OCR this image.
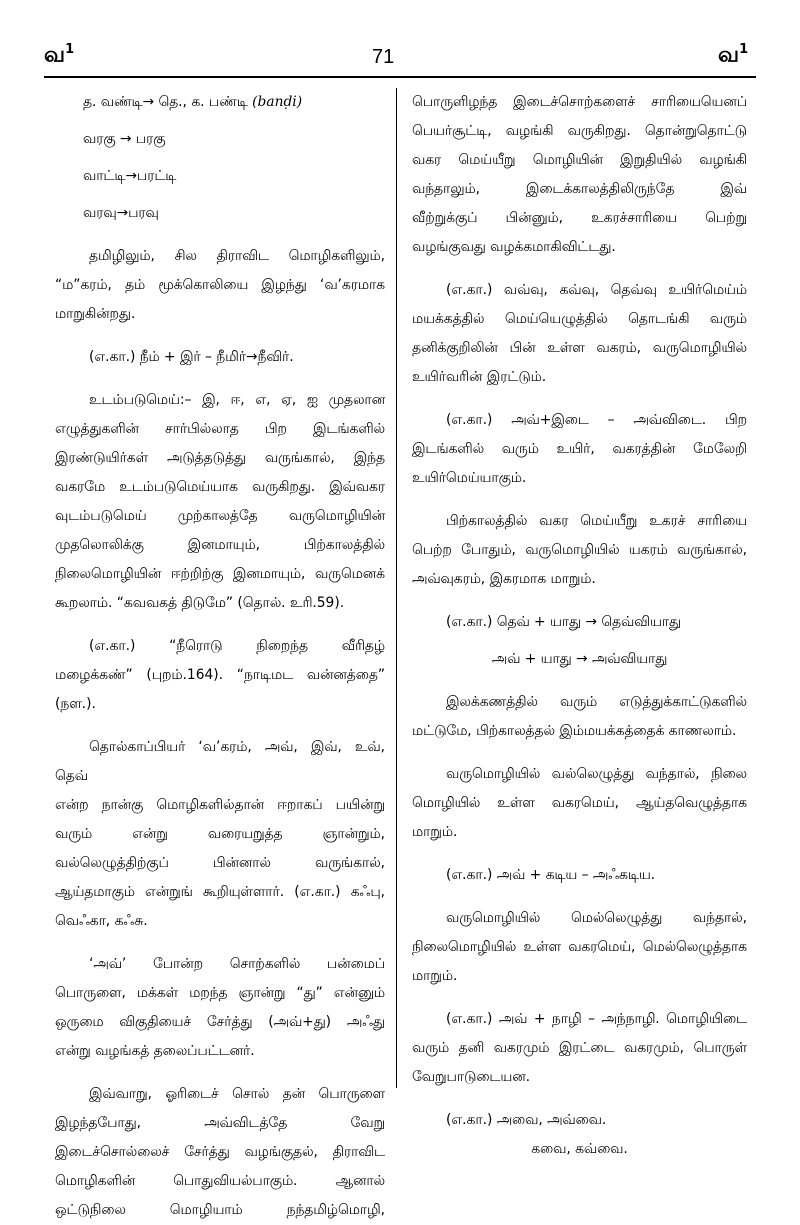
வ$^1$	71	வ$^1$

த. வண்டி→ தெ., க. பண்டி (banḍi)

வரகு → பரகு

வாட்டி→பரட்டி

வரவு→பரவு

தமிழிலும், சில திராவிட மொழிகளிலும்,

“ம”கரம், தம் மூக்கொலியை இழந்து ‘வ’கரமாக

மாறுகின்றது.

(எ.கா.) நீம் + இர் – நீமிர்→நீவிர்.

உடம்படுமெய்:– இ, ஈ, எ, ஏ, ஐ முதலான

எழுத்துகளின் சார்பில்லாத பிற இடங்களில்

இரண்டுயிர்கள் அடுத்தடுத்து வருங்கால், இந்த

வகரமே உடம்படுமெய்யாக வருகிறது. இவ்வகர

வுடம்படுமெய் முற்காலத்தே வருமொழியின்

முதலொலிக்கு இனமாயும், பிற்காலத்தில்

நிலைமொழியின் ஈற்றிற்கு இனமாயும், வருமெனக்

கூறலாம். “கவவகத் திடுமே” (தொல். உரி.59).

(எ.கா.) “நீரொடு நிறைந்த வீரிதழ்

மழைக்கண்” (புறம்.164). “நாடிமட வன்னத்தை”

(நள.).

தொல்காப்பியர் ‘வ’கரம், அவ், இவ், உவ், தெவ்

என்ற நான்கு மொழிகளில்தான் ஈறாகப் பயின்று

வரும் என்று வரையறுத்த ஞான்றும்,

வல்லெழுத்திற்குப் பின்னால் வருங்கால்,

ஆய்தமாகும் என்றுங் கூறியுள்ளார். (எ.கா.) கஃபு,

வெஃகா, கஃசு.

‘அவ்’ போன்ற சொற்களில் பன்மைப்

பொருளை, மக்கள் மறந்த ஞான்று “து” என்னும்

ஒருமை விகுதியைச் சேர்த்து (அவ்+து) அஃது

என்று வழங்கத் தலைப்பட்டனர்.

இவ்வாறு, ஓரிடைச் சொல் தன் பொருளை

இழந்தபோது, அவ்விடத்தே வேறு

இடைச்சொல்லைச் சேர்த்து வழங்குதல், திராவிட

மொழிகளின் பொதுவியல்பாகும். ஆனால்

ஒட்டுநிலை மொழியாம் நந்தமிழ்மொழி,

பொருளிழந்த இடைச்சொற்களைச் சாரியையெனப்

பெயர்சூட்டி, வழங்கி வருகிறது. தொன்றுதொட்டு

வகர மெய்யீறு மொழியின் இறுதியில் வழங்கி

வந்தாலும், இடைக்காலத்திலிருந்தே இவ்

வீற்றுக்குப் பின்னும், உகரச்சாரியை பெற்று

வழங்குவது வழக்கமாகிவிட்டது.

(எ.கா.) வவ்வு, கவ்வு, தெவ்வு உயிர்மெய்ம்

மயக்கத்தில் மெய்யெழுத்தில் தொடங்கி வரும்

தனிக்குறிலின் பின் உள்ள வகரம், வருமொழியில்

உயிர்வரின் இரட்டும்.

(எ.கா.) அவ்+இடை – அவ்விடை. பிற

இடங்களில் வரும் உயிர், வகரத்தின் மேலேறி

உயிர்மெய்யாகும்.

பிற்காலத்தில் வகர மெய்யீறு உகரச் சாரியை

பெற்ற போதும், வருமொழியில் யகரம் வருங்கால்,

அவ்வுகரம், இகரமாக மாறும்.

(எ.கா.) தெவ் + யாது → தெவ்வியாது

அவ் + யாது → அவ்வியாது

இலக்கணத்தில் வரும் எடுத்துக்காட்டுகளில்

மட்டுமே, பிற்காலத்தல் இம்மயக்கத்தைக் காணலாம்.

வருமொழியில் வல்லெழுத்து வந்தால், நிலை

மொழியில் உள்ள வகரமெய், ஆய்தவெழுத்தாக

மாறும்.

(எ.கா.) அவ் + கடிய – அஃகடிய.

வருமொழியில் மெல்லெழுத்து வந்தால்,

நிலைமொழியில் உள்ள வகரமெய், மெல்லெழுத்தாக

மாறும்.

(எ.கா.) அவ் + நாழி – அந்நாழி. மொழியிடை

வரும் தனி வகரமும் இரட்டை வகரமும், பொருள்

வேறுபாடுடையன.

(எ.கா.) அவை, அவ்வை.

கவை, கவ்வை.
